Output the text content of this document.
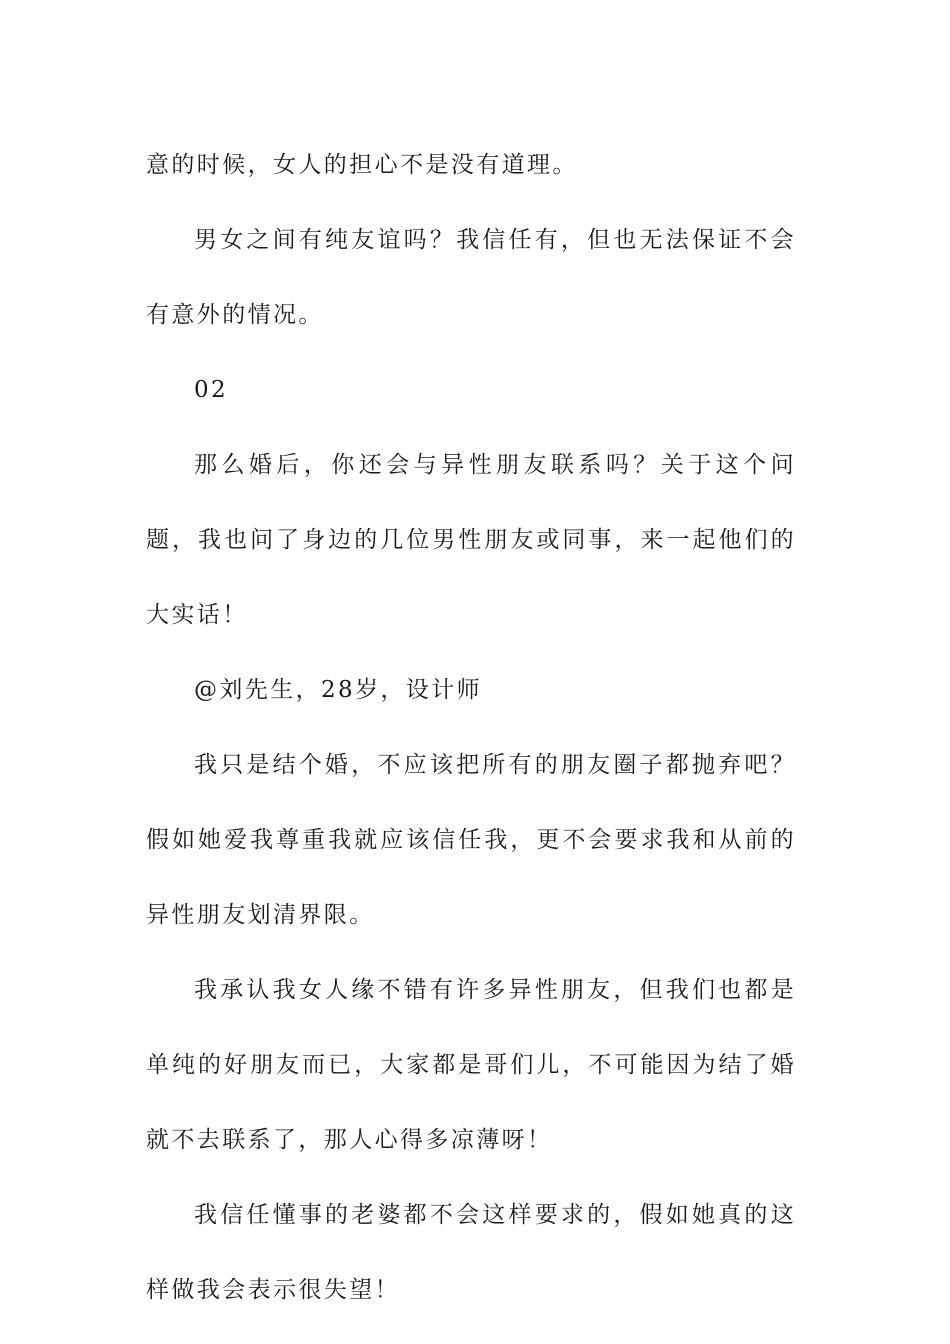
意的时候，女人的担心不是没有道理。

男女之间有纯友谊吗？我信任有，但也无法保证不会有意外的情况。

02

那么婚后，你还会与异性朋友联系吗？关于这个问题，我也问了身边的几位男性朋友或同事，来一起他们的大实话！

@刘先生，28岁，设计师

我只是结个婚，不应该把所有的朋友圈子都抛弃吧？假如她爱我尊重我就应该信任我，更不会要求我和从前的异性朋友划清界限。

我承认我女人缘不错有许多异性朋友，但我们也都是单纯的好朋友而已，大家都是哥们儿，不可能因为结了婚就不去联系了，那人心得多凉薄呀！

我信任懂事的老婆都不会这样要求的，假如她真的这样做我会表示很失望！
